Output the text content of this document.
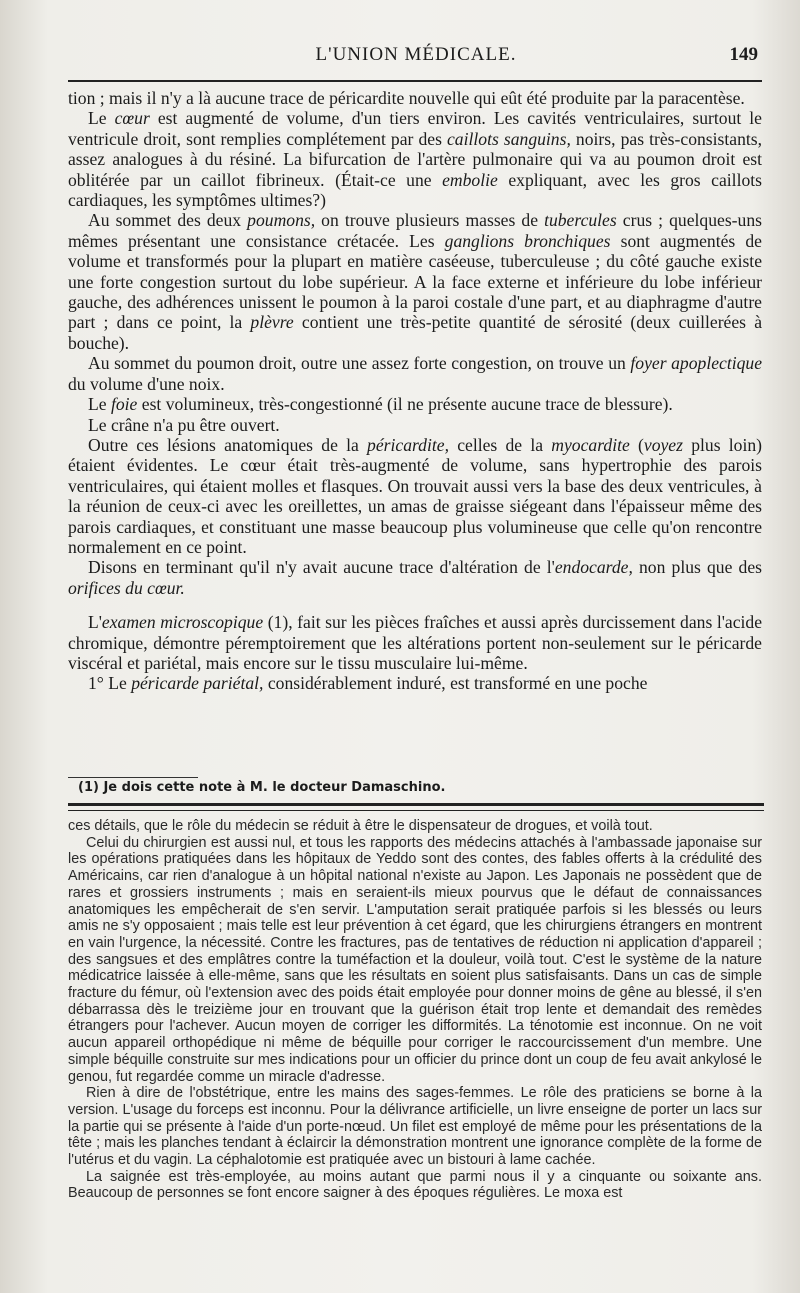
L'UNION MÉDICALE.	149

tion ; mais il n'y a là aucune trace de péricardite nouvelle qui eût été produite par la paracentèse.

Le cœur est augmenté de volume, d'un tiers environ. Les cavités ventriculaires, surtout le ventricule droit, sont remplies complétement par des caillots sanguins, noirs, pas très-consistants, assez analogues à du résiné. La bifurcation de l'artère pulmonaire qui va au poumon droit est oblitérée par un caillot fibrineux. (Était-ce une embolie expliquant, avec les gros caillots cardiaques, les symptômes ultimes?)

Au sommet des deux poumons, on trouve plusieurs masses de tubercules crus ; quelques-uns mêmes présentant une consistance crétacée. Les ganglions bronchiques sont augmentés de volume et transformés pour la plupart en matière caséeuse, tuberculeuse ; du côté gauche existe une forte congestion surtout du lobe supérieur. A la face externe et inférieure du lobe inférieur gauche, des adhérences unissent le poumon à la paroi costale d'une part, et au diaphragme d'autre part ; dans ce point, la plèvre contient une très-petite quantité de sérosité (deux cuillerées à bouche).

Au sommet du poumon droit, outre une assez forte congestion, on trouve un foyer apoplectique du volume d'une noix.

Le foie est volumineux, très-congestionné (il ne présente aucune trace de blessure).

Le crâne n'a pu être ouvert.

Outre ces lésions anatomiques de la péricardite, celles de la myocardite (voyez plus loin) étaient évidentes. Le cœur était très-augmenté de volume, sans hypertrophie des parois ventriculaires, qui étaient molles et flasques. On trouvait aussi vers la base des deux ventricules, à la réunion de ceux-ci avec les oreillettes, un amas de graisse siégeant dans l'épaisseur même des parois cardiaques, et constituant une masse beaucoup plus volumineuse que celle qu'on rencontre normalement en ce point.

Disons en terminant qu'il n'y avait aucune trace d'altération de l'endocarde, non plus que des orifices du cœur.

L'examen microscopique (1), fait sur les pièces fraîches et aussi après durcissement dans l'acide chromique, démontre péremptoirement que les altérations portent non-seulement sur le péricarde viscéral et pariétal, mais encore sur le tissu musculaire lui-même.

1° Le péricarde pariétal, considérablement induré, est transformé en une poche

(1) Je dois cette note à M. le docteur Damaschino.

ces détails, que le rôle du médecin se réduit à être le dispensateur de drogues, et voilà tout.

Celui du chirurgien est aussi nul, et tous les rapports des médecins attachés à l'ambassade japonaise sur les opérations pratiquées dans les hôpitaux de Yeddo sont des contes, des fables offerts à la crédulité des Américains, car rien d'analogue à un hôpital national n'existe au Japon. Les Japonais ne possèdent que de rares et grossiers instruments ; mais en seraient-ils mieux pourvus que le défaut de connaissances anatomiques les empêcherait de s'en servir. L'amputation serait pratiquée parfois si les blessés ou leurs amis ne s'y opposaient ; mais telle est leur prévention à cet égard, que les chirurgiens étrangers en montrent en vain l'urgence, la nécessité. Contre les fractures, pas de tentatives de réduction ni application d'appareil ; des sangsues et des emplâtres contre la tuméfaction et la douleur, voilà tout. C'est le système de la nature médicatrice laissée à elle-même, sans que les résultats en soient plus satisfaisants. Dans un cas de simple fracture du fémur, où l'extension avec des poids était employée pour donner moins de gêne au blessé, il s'en débarrassa dès le treizième jour en trouvant que la guérison était trop lente et demandait des remèdes étrangers pour l'achever. Aucun moyen de corriger les difformités. La ténotomie est inconnue. On ne voit aucun appareil orthopédique ni même de béquille pour corriger le raccourcissement d'un membre. Une simple béquille construite sur mes indications pour un officier du prince dont un coup de feu avait ankylosé le genou, fut regardée comme un miracle d'adresse.

Rien à dire de l'obstétrique, entre les mains des sages-femmes. Le rôle des praticiens se borne à la version. L'usage du forceps est inconnu. Pour la délivrance artificielle, un livre enseigne de porter un lacs sur la partie qui se présente à l'aide d'un porte-nœud. Un filet est employé de même pour les présentations de la tête ; mais les planches tendant à éclaircir la démonstration montrent une ignorance complète de la forme de l'utérus et du vagin. La céphalotomie est pratiquée avec un bistouri à lame cachée.

La saignée est très-employée, au moins autant que parmi nous il y a cinquante ou soixante ans. Beaucoup de personnes se font encore saigner à des époques régulières. Le moxa est
